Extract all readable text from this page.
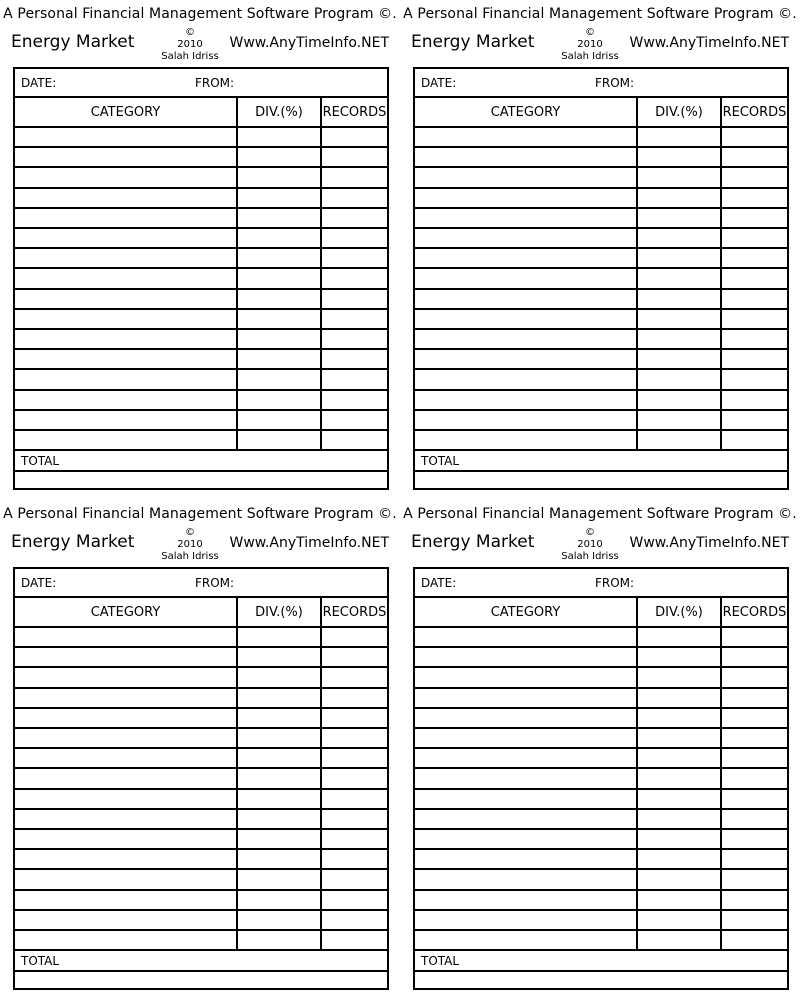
A Personal Financial Management Software Program ©.
Energy Market	©
2010
Salah Idriss
Www.AnyTimeInfo.NET
DATE:	FROM:
CATEGORY	DIV.(%)	RECORDS
TOTAL
A Personal Financial Management Software Program ©.
Energy Market	©
2010
Salah Idriss
Www.AnyTimeInfo.NET
DATE:	FROM:
CATEGORY	DIV.(%)	RECORDS
TOTAL
A Personal Financial Management Software Program ©.
Energy Market	©
2010
Salah Idriss
Www.AnyTimeInfo.NET
DATE:	FROM:
CATEGORY	DIV.(%)	RECORDS
TOTAL
A Personal Financial Management Software Program ©.
Energy Market	©
2010
Salah Idriss
Www.AnyTimeInfo.NET
DATE:	FROM:
CATEGORY	DIV.(%)	RECORDS
TOTAL
